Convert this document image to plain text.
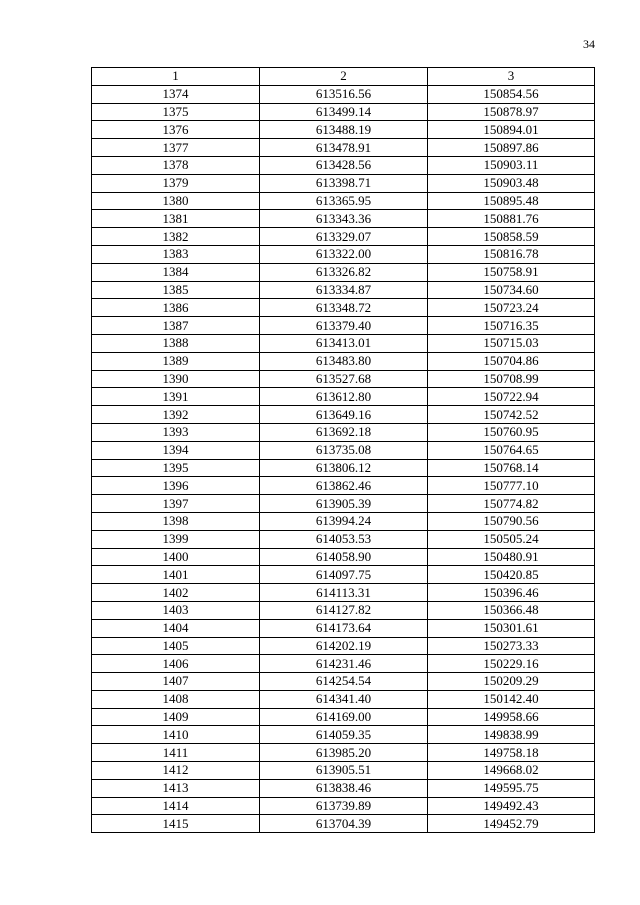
34
1	2	3
1374	613516.56	150854.56
1375	613499.14	150878.97
1376	613488.19	150894.01
1377	613478.91	150897.86
1378	613428.56	150903.11
1379	613398.71	150903.48
1380	613365.95	150895.48
1381	613343.36	150881.76
1382	613329.07	150858.59
1383	613322.00	150816.78
1384	613326.82	150758.91
1385	613334.87	150734.60
1386	613348.72	150723.24
1387	613379.40	150716.35
1388	613413.01	150715.03
1389	613483.80	150704.86
1390	613527.68	150708.99
1391	613612.80	150722.94
1392	613649.16	150742.52
1393	613692.18	150760.95
1394	613735.08	150764.65
1395	613806.12	150768.14
1396	613862.46	150777.10
1397	613905.39	150774.82
1398	613994.24	150790.56
1399	614053.53	150505.24
1400	614058.90	150480.91
1401	614097.75	150420.85
1402	614113.31	150396.46
1403	614127.82	150366.48
1404	614173.64	150301.61
1405	614202.19	150273.33
1406	614231.46	150229.16
1407	614254.54	150209.29
1408	614341.40	150142.40
1409	614169.00	149958.66
1410	614059.35	149838.99
1411	613985.20	149758.18
1412	613905.51	149668.02
1413	613838.46	149595.75
1414	613739.89	149492.43
1415	613704.39	149452.79
